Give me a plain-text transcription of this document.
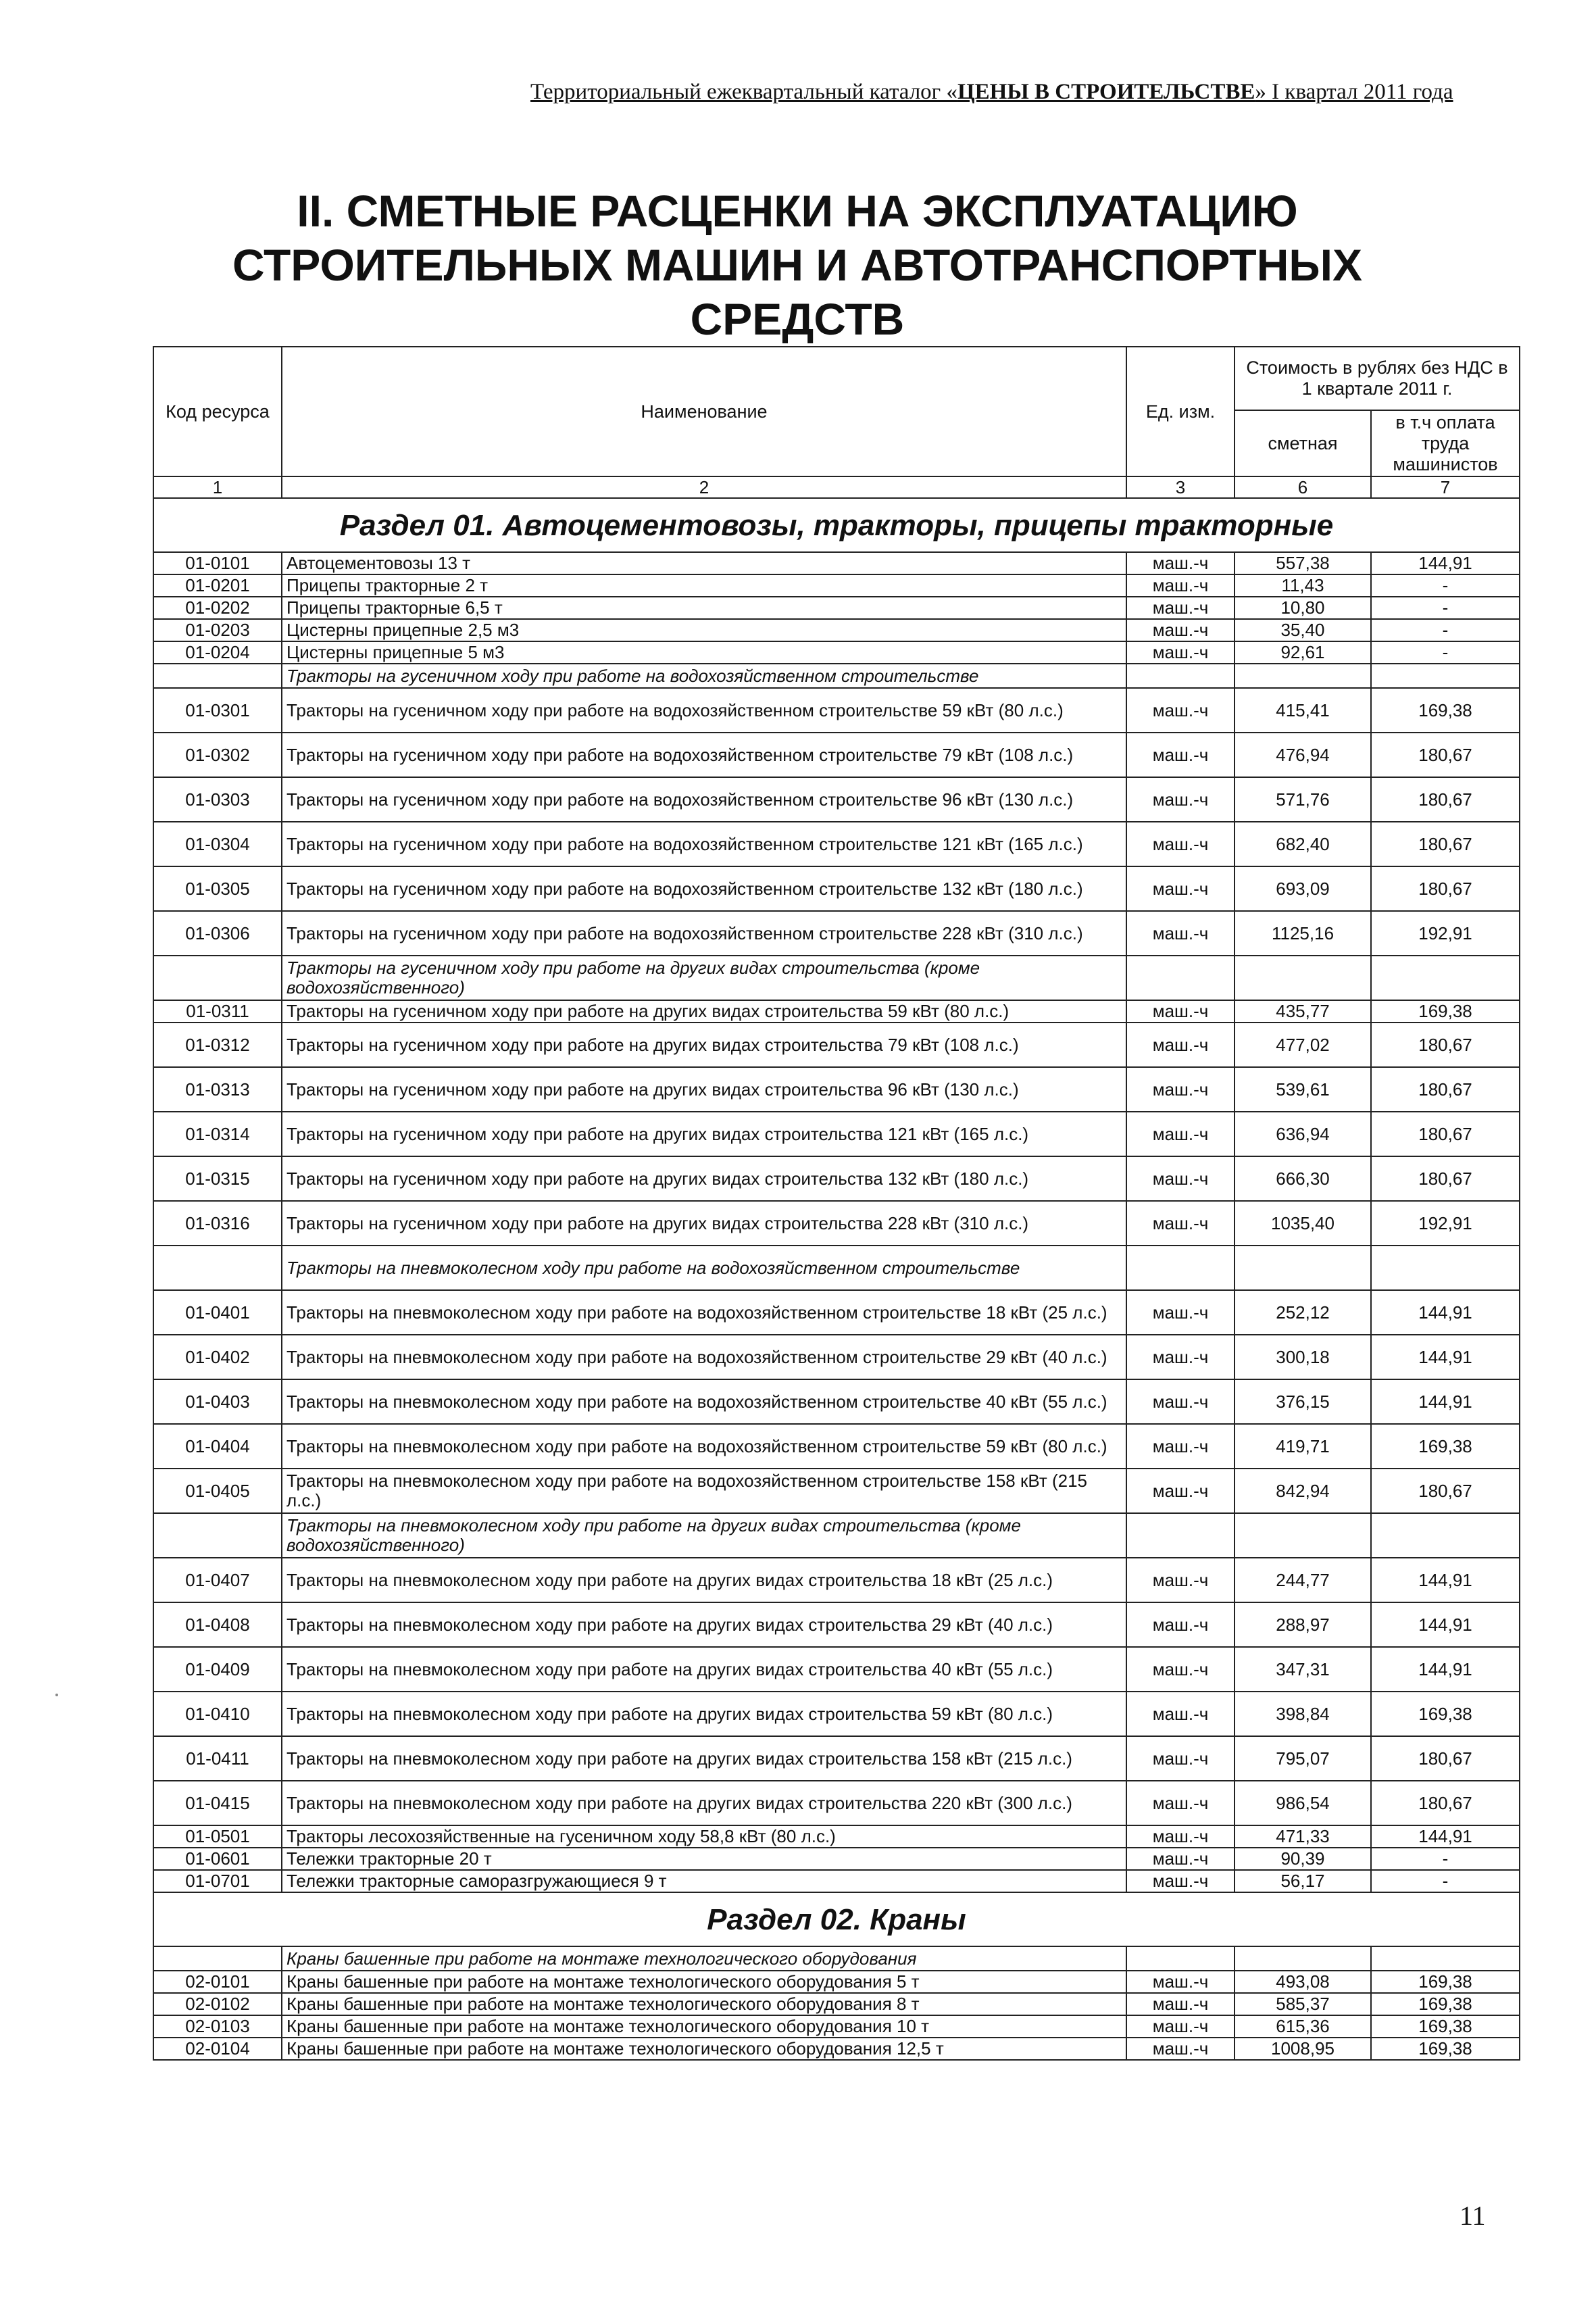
Территориальный ежеквартальный каталог «ЦЕНЫ В СТРОИТЕЛЬСТВЕ» I квартал 2011 года
II. СМЕТНЫЕ РАСЦЕНКИ НА ЭКСПЛУАТАЦИЮ СТРОИТЕЛЬНЫХ МАШИН И АВТОТРАНСПОРТНЫХ СРЕДСТВ
Код ресурса	Наименование	Ед. изм.	Стоимость в рублях без НДС в 1 квартале 2011 г.	
			сметная	в т.ч оплата труда машинистов
1	2	3	6	7
Раздел 01. Автоцементовозы, тракторы, прицепы тракторные				
01-0101	Автоцементовозы 13 т	маш.-ч	557,38	144,91
01-0201	Прицепы тракторные 2 т	маш.-ч	11,43	-
01-0202	Прицепы тракторные 6,5 т	маш.-ч	10,80	-
01-0203	Цистерны прицепные 2,5 м3	маш.-ч	35,40	-
01-0204	Цистерны прицепные 5 м3	маш.-ч	92,61	-
	Тракторы на гусеничном ходу при работе на водохозяйственном строительстве			
01-0301	Тракторы на гусеничном ходу при работе на водохозяйственном строительстве 59 кВт (80 л.с.)	маш.-ч	415,41	169,38
01-0302	Тракторы на гусеничном ходу при работе на водохозяйственном строительстве 79 кВт (108 л.с.)	маш.-ч	476,94	180,67
01-0303	Тракторы на гусеничном ходу при работе на водохозяйственном строительстве 96 кВт (130 л.с.)	маш.-ч	571,76	180,67
01-0304	Тракторы на гусеничном ходу при работе на водохозяйственном строительстве 121 кВт (165 л.с.)	маш.-ч	682,40	180,67
01-0305	Тракторы на гусеничном ходу при работе на водохозяйственном строительстве 132 кВт (180 л.с.)	маш.-ч	693,09	180,67
01-0306	Тракторы на гусеничном ходу при работе на водохозяйственном строительстве 228 кВт (310 л.с.)	маш.-ч	1125,16	192,91
	Тракторы на гусеничном ходу при работе на других видах строительства (кроме водохозяйственного)			
01-0311	Тракторы на гусеничном ходу при работе на других видах строительства 59 кВт (80 л.с.)	маш.-ч	435,77	169,38
01-0312	Тракторы на гусеничном ходу при работе на других видах строительства 79 кВт (108 л.с.)	маш.-ч	477,02	180,67
01-0313	Тракторы на гусеничном ходу при работе на других видах строительства 96 кВт (130 л.с.)	маш.-ч	539,61	180,67
01-0314	Тракторы на гусеничном ходу при работе на других видах строительства 121 кВт (165 л.с.)	маш.-ч	636,94	180,67
01-0315	Тракторы на гусеничном ходу при работе на других видах строительства 132 кВт (180 л.с.)	маш.-ч	666,30	180,67
01-0316	Тракторы на гусеничном ходу при работе на других видах строительства 228 кВт (310 л.с.)	маш.-ч	1035,40	192,91
	Тракторы на пневмоколесном ходу при работе на водохозяйственном строительстве			
01-0401	Тракторы на пневмоколесном ходу при работе на водохозяйственном строительстве 18 кВт (25 л.с.)	маш.-ч	252,12	144,91
01-0402	Тракторы на пневмоколесном ходу при работе на водохозяйственном строительстве 29 кВт (40 л.с.)	маш.-ч	300,18	144,91
01-0403	Тракторы на пневмоколесном ходу при работе на водохозяйственном строительстве 40 кВт (55 л.с.)	маш.-ч	376,15	144,91
01-0404	Тракторы на пневмоколесном ходу при работе на водохозяйственном строительстве 59 кВт (80 л.с.)	маш.-ч	419,71	169,38
01-0405	Тракторы на пневмоколесном ходу при работе на водохозяйственном строительстве 158 кВт (215 л.с.)	маш.-ч	842,94	180,67
	Тракторы на пневмоколесном ходу при работе на других видах строительства (кроме водохозяйственного)			
01-0407	Тракторы на пневмоколесном ходу при работе на других видах строительства 18 кВт (25 л.с.)	маш.-ч	244,77	144,91
01-0408	Тракторы на пневмоколесном ходу при работе на других видах строительства 29 кВт (40 л.с.)	маш.-ч	288,97	144,91
01-0409	Тракторы на пневмоколесном ходу при работе на других видах строительства 40 кВт (55 л.с.)	маш.-ч	347,31	144,91
01-0410	Тракторы на пневмоколесном ходу при работе на других видах строительства 59 кВт (80 л.с.)	маш.-ч	398,84	169,38
01-0411	Тракторы на пневмоколесном ходу при работе на других видах строительства 158 кВт (215 л.с.)	маш.-ч	795,07	180,67
01-0415	Тракторы на пневмоколесном ходу при работе на других видах строительства 220 кВт (300 л.с.)	маш.-ч	986,54	180,67
01-0501	Тракторы лесохозяйственные на гусеничном ходу 58,8 кВт (80 л.с.)	маш.-ч	471,33	144,91
01-0601	Тележки тракторные 20 т	маш.-ч	90,39	-
01-0701	Тележки тракторные саморазгружающиеся 9 т	маш.-ч	56,17	-
Раздел 02. Краны				
	Краны башенные при работе на монтаже технологического оборудования			
02-0101	Краны башенные при работе на монтаже технологического оборудования 5 т	маш.-ч	493,08	169,38
02-0102	Краны башенные при работе на монтаже технологического оборудования 8 т	маш.-ч	585,37	169,38
02-0103	Краны башенные при работе на монтаже технологического оборудования 10 т	маш.-ч	615,36	169,38
02-0104	Краны башенные при работе на монтаже технологического оборудования 12,5 т	маш.-ч	1008,95	169,38
11
